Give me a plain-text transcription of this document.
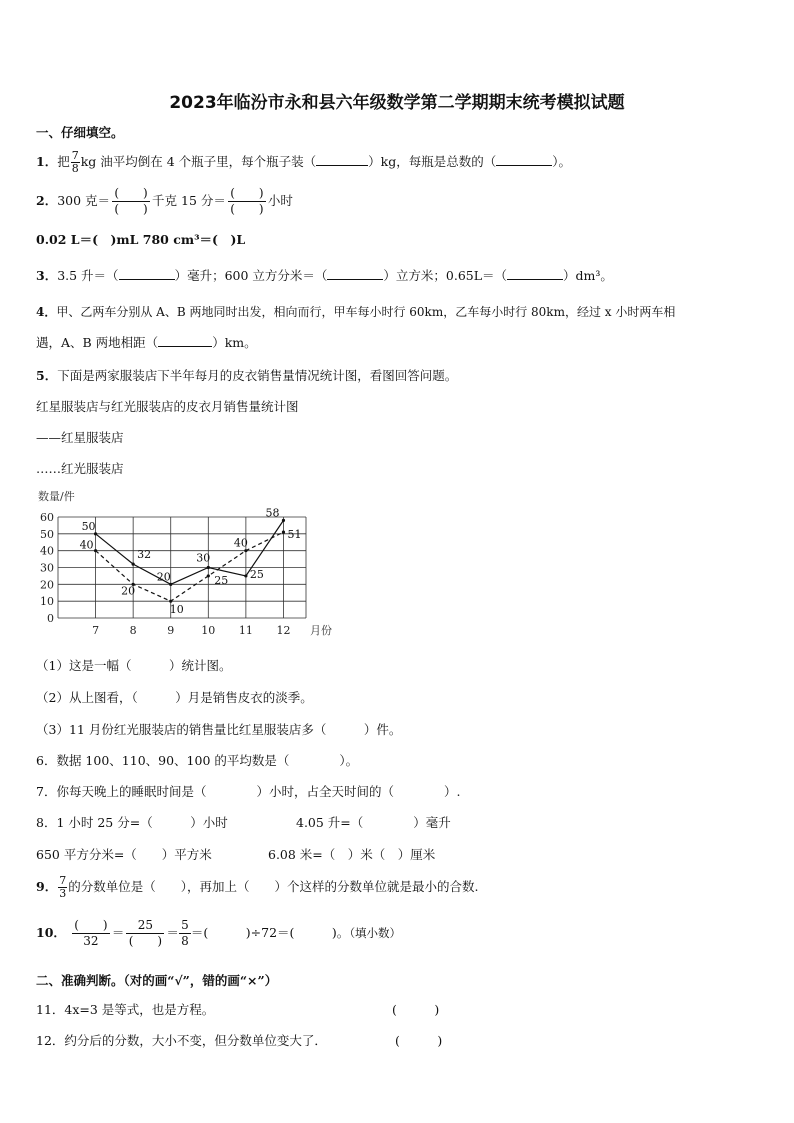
2023年临汾市永和县六年级数学第二学期期末统考模拟试题
一、仔细填空。
1．把 $\frac{7}{8}$ kg 油平均倒在 4 个瓶子里，每个瓶子装（	）kg，每瓶是总数的（	）。
2．300 克＝ $\frac{( )}{( )}$ 千克 15 分＝ $\frac{( )}{( )}$ 小时
0.02 L＝(　)mL 780 cm³＝(　)L
3．3.5 升＝（	）毫升；600 立方分米＝（	）立方米；0.65L＝（	）dm³。
4．甲、乙两车分别从 A、B 两地同时出发，相向而行，甲车每小时行 60km，乙车每小时行 80km，经过 x 小时两车相
遇，A、B 两地相距（	）km。
5．下面是两家服装店下半年每月的皮衣销售量情况统计图，看图回答问题。
红星服装店与红光服装店的皮衣月销售量统计图
——红星服装店
……红光服装店
0
10
20
30
40
50
60
7	8	9 10 11 12
数量/件
月份
50
32
20
30
25
58
40
20
10
25
40
51
（1）这是一幅（　　　）统计图。
（2）从上图看，（　　　）月是销售皮衣的淡季。
（3）11 月份红光服装店的销售量比红星服装店多（　　　）件。
6．数据 100、110、90、100 的平均数是（　　　　）。
7．你每天晚上的睡眠时间是（　　　　）小时，占全天时间的（　　　　）.
8．1 小时 25 分=（　　　）小时	4.05 升=（　　　　）毫升
650 平方分米=（　　）平方米	6.08 米=（　）米（　）厘米
9． $\frac{7}{3}$ 的分数单位是（　　），再加上（　　）个这样的分数单位就是最小的合数.
10． $\frac{( )}{32} = \frac{25}{( )} = \frac{5}{8}$ ＝(　　　)÷72＝(　　　)。（填小数）
二、准确判断。（对的画“√”，错的画“×”）
11．4x=3 是等式，也是方程。	(　　　)
12．约分后的分数，大小不变，但分数单位变大了．	(　　　)
